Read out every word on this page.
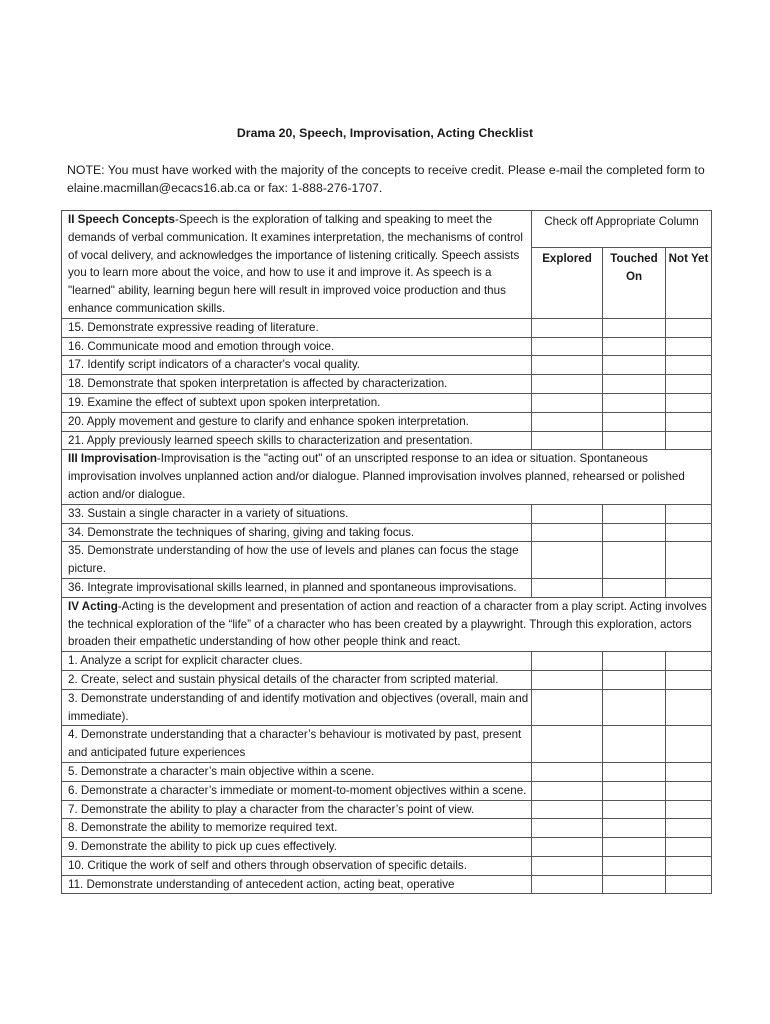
Drama 20, Speech, Improvisation, Acting Checklist
NOTE: You must have worked with the majority of the concepts to receive credit. Please e-mail the completed form to elaine.macmillan@ecacs16.ab.ca or fax: 1-888-276-1707.
II Speech Concepts-Speech is the exploration of talking and speaking to meet the demands of verbal communication. It examines interpretation, the mechanisms of control of vocal delivery, and acknowledges the importance of listening critically. Speech assists you to learn more about the voice, and how to use it and improve it. As speech is a "learned" ability, learning begun here will result in improved voice production and thus enhance communication skills.	Check off Appropriate Column		
	Explored	Touched On	Not Yet
15. Demonstrate expressive reading of literature.			
16. Communicate mood and emotion through voice.			
17. Identify script indicators of a character's vocal quality.			
18. Demonstrate that spoken interpretation is affected by characterization.			
19. Examine the effect of subtext upon spoken interpretation.			
20. Apply movement and gesture to clarify and enhance spoken interpretation.			
21. Apply previously learned speech skills to characterization and presentation.			
III Improvisation-Improvisation is the "acting out" of an unscripted response to an idea or situation. Spontaneous improvisation involves unplanned action and/or dialogue. Planned improvisation involves planned, rehearsed or polished action and/or dialogue.			
33. Sustain a single character in a variety of situations.			
34. Demonstrate the techniques of sharing, giving and taking focus.			
35. Demonstrate understanding of how the use of levels and planes can focus the stage picture.			
36. Integrate improvisational skills learned, in planned and spontaneous improvisations.			
IV Acting-Acting is the development and presentation of action and reaction of a character from a play script. Acting involves the technical exploration of the “life” of a character who has been created by a playwright. Through this exploration, actors broaden their empathetic understanding of how other people think and react.			
1. Analyze a script for explicit character clues.			
2. Create, select and sustain physical details of the character from scripted material.			
3. Demonstrate understanding of and identify motivation and objectives (overall, main and immediate).			
4. Demonstrate understanding that a character’s behaviour is motivated by past, present and anticipated future experiences			
5. Demonstrate a character’s main objective within a scene.			
6. Demonstrate a character’s immediate or moment-to-moment objectives within a scene.			
7. Demonstrate the ability to play a character from the character’s point of view.			
8. Demonstrate the ability to memorize required text.			
9. Demonstrate the ability to pick up cues effectively.			
10. Critique the work of self and others through observation of specific details.			
11. Demonstrate understanding of antecedent action, acting beat, operative			
